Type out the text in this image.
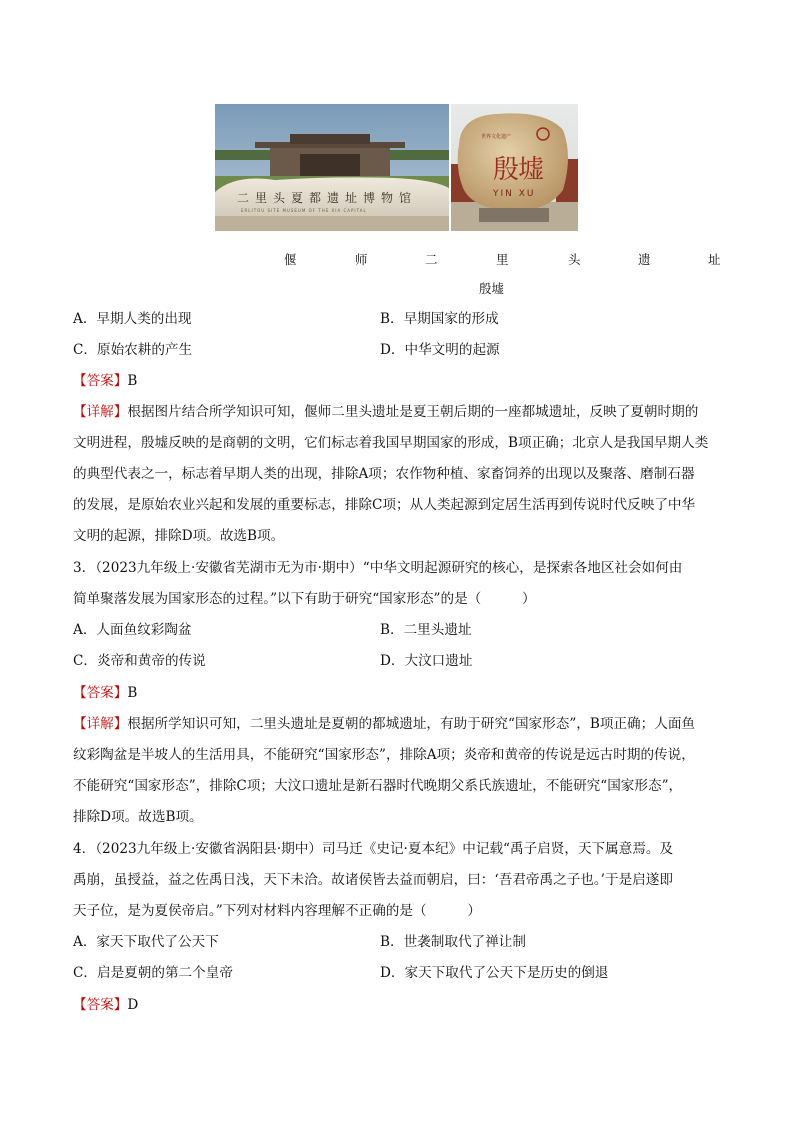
二里头夏都遗址博物馆
ERLITOU SITE MUSEUM OF THE XIA CAPITAL
世界文化遗产
殷墟
YIN XU
偃	师	二	里	头	遗	址
殷墟
A．早期人类的出现	B．早期国家的形成
C．原始农耕的产生	D．中华文明的起源
【答案】B
【详解】根据图片结合所学知识可知，偃师二里头遗址是夏王朝后期的一座都城遗址，反映了夏朝时期的
文明进程，殷墟反映的是商朝的文明，它们标志着我国早期国家的形成，B项正确；北京人是我国早期人类
的典型代表之一，标志着早期人类的出现，排除A项；农作物种植、家畜饲养的出现以及聚落、磨制石器
的发展，是原始农业兴起和发展的重要标志，排除C项；从人类起源到定居生活再到传说时代反映了中华
文明的起源，排除D项。故选B项。
3．（2023九年级上·安徽省芜湖市无为市·期中）“中华文明起源研究的核心，是探索各地区社会如何由
简单聚落发展为国家形态的过程。”以下有助于研究“国家形态”的是（　　　）
A．人面鱼纹彩陶盆	B．二里头遗址
C．炎帝和黄帝的传说	D．大汶口遗址
【答案】B
【详解】根据所学知识可知，二里头遗址是夏朝的都城遗址，有助于研究“国家形态”，B项正确；人面鱼
纹彩陶盆是半坡人的生活用具，不能研究“国家形态”，排除A项；炎帝和黄帝的传说是远古时期的传说，
不能研究“国家形态”，排除C项；大汶口遗址是新石器时代晚期父系氏族遗址，不能研究“国家形态”，
排除D项。故选B项。
4．（2023九年级上·安徽省涡阳县·期中）司马迁《史记·夏本纪》中记载“禹子启贤，天下属意焉。及
禹崩，虽授益，益之佐禹日浅，天下未洽。故诸侯皆去益而朝启，曰：‘吾君帝禹之子也。’于是启遂即
天子位，是为夏侯帝启。”下列对材料内容理解不正确的是（　　　）
A．家天下取代了公天下	B．世袭制取代了禅让制
C．启是夏朝的第二个皇帝	D．家天下取代了公天下是历史的倒退
【答案】D
